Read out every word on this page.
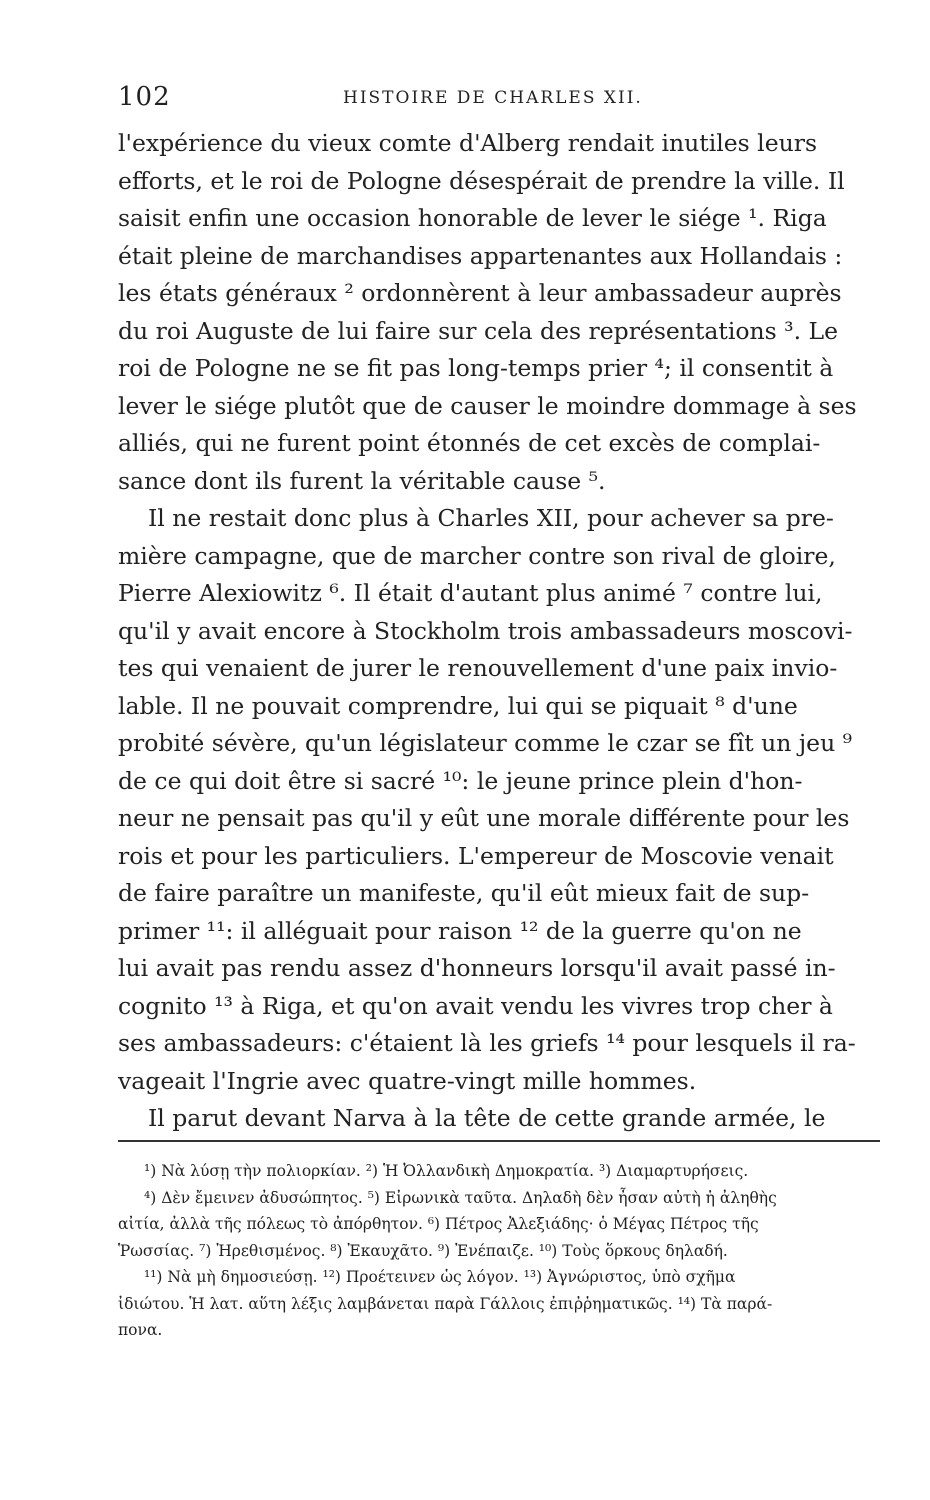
102	HISTOIRE DE CHARLES XII.
l'expérience du vieux comte d'Alberg rendait inutiles leurs
efforts, et le roi de Pologne désespérait de prendre la ville. Il
saisit enfin une occasion honorable de lever le siége ¹. Riga
était pleine de marchandises appartenantes aux Hollandais :
les états généraux ² ordonnèrent à leur ambassadeur auprès
du roi Auguste de lui faire sur cela des représentations ³. Le
roi de Pologne ne se fit pas long-temps prier ⁴; il consentit à
lever le siége plutôt que de causer le moindre dommage à ses
alliés, qui ne furent point étonnés de cet excès de complai-
sance dont ils furent la véritable cause ⁵.
Il ne restait donc plus à Charles XII, pour achever sa pre-
mière campagne, que de marcher contre son rival de gloire,
Pierre Alexiowitz ⁶. Il était d'autant plus animé ⁷ contre lui,
qu'il y avait encore à Stockholm trois ambassadeurs moscovi-
tes qui venaient de jurer le renouvellement d'une paix invio-
lable. Il ne pouvait comprendre, lui qui se piquait ⁸ d'une
probité sévère, qu'un législateur comme le czar se fît un jeu ⁹
de ce qui doit être si sacré ¹⁰: le jeune prince plein d'hon-
neur ne pensait pas qu'il y eût une morale différente pour les
rois et pour les particuliers. L'empereur de Moscovie venait
de faire paraître un manifeste, qu'il eût mieux fait de sup-
primer ¹¹: il alléguait pour raison ¹² de la guerre qu'on ne
lui avait pas rendu assez d'honneurs lorsqu'il avait passé in-
cognito ¹³ à Riga, et qu'on avait vendu les vivres trop cher à
ses ambassadeurs: c'étaient là les griefs ¹⁴ pour lesquels il ra-
vageait l'Ingrie avec quatre-vingt mille hommes.
Il parut devant Narva à la tête de cette grande armée, le
¹) Νὰ λύσῃ τὴν πολιορκίαν. ²) Ἡ Ὀλλανδικὴ Δημοκρατία. ³) Διαμαρτυρήσεις.
⁴) Δὲν ἔμεινεν ἀδυσώπητος. ⁵) Εἰρωνικὰ ταῦτα. Δηλαδὴ δὲν ἦσαν αὐτὴ ἡ ἀληθὴς
αἰτία, ἀλλὰ τῆς πόλεως τὸ ἀπόρθητον. ⁶) Πέτρος Ἀλεξιάδης· ὁ Μέγας Πέτρος τῆς
Ῥωσσίας. ⁷) Ἠρεθισμένος. ⁸) Ἐκαυχᾶτο. ⁹) Ἐνέπαιζε. ¹⁰) Τοὺς ὅρκους δηλαδή.
¹¹) Νὰ μὴ δημοσιεύσῃ. ¹²) Προέτεινεν ὡς λόγον. ¹³) Ἀγνώριστος, ὑπὸ σχῆμα
ἰδιώτου. Ἡ λατ. αὕτη λέξις λαμβάνεται παρὰ Γάλλοις ἐπιῤῥηματικῶς. ¹⁴) Τὰ παρά-
πονα.
